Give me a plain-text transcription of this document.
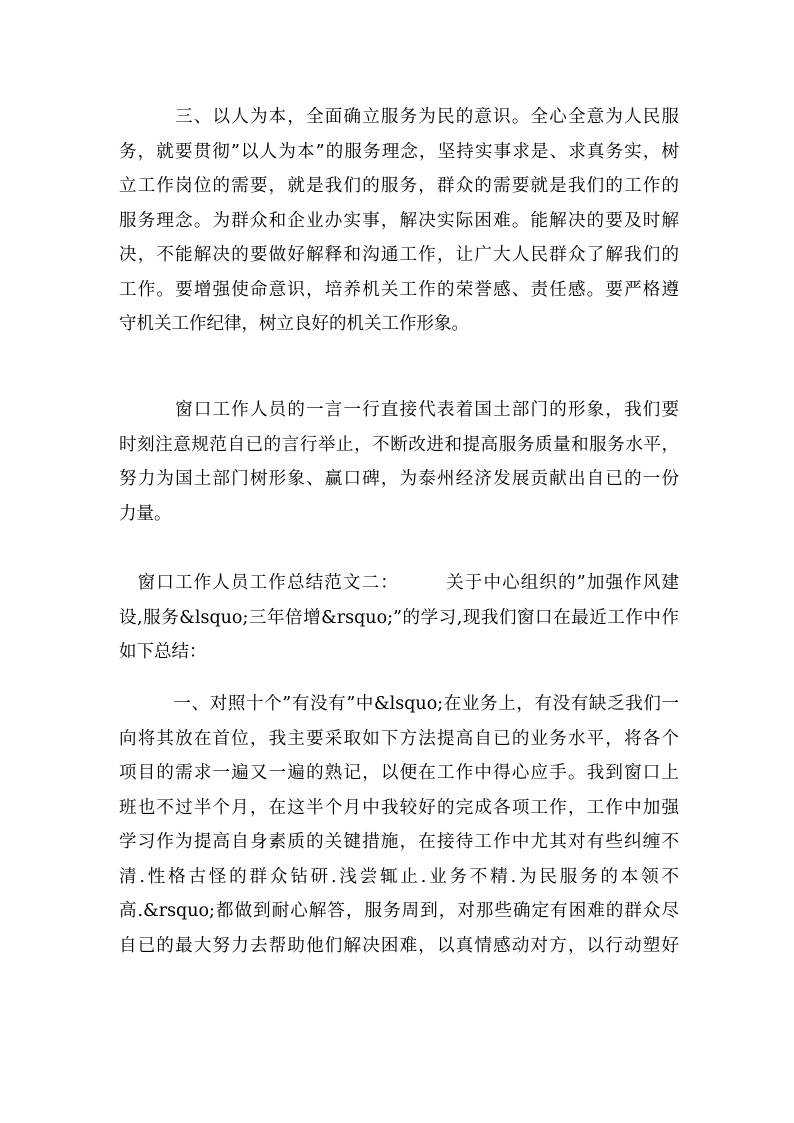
　　　三、以人为本，全面确立服务为民的意识。全心全意为人民服
务，就要贯彻”以人为本”的服务理念，坚持实事求是、求真务实，树
立工作岗位的需要，就是我们的服务，群众的需要就是我们的工作的
服务理念。为群众和企业办实事，解决实际困难。能解决的要及时解
决，不能解决的要做好解释和沟通工作，让广大人民群众了解我们的
工作。要增强使命意识，培养机关工作的荣誉感、责任感。要严格遵
守机关工作纪律，树立良好的机关工作形象。
　　　窗口工作人员的一言一行直接代表着国土部门的形象，我们要
时刻注意规范自已的言行举止，不断改进和提高服务质量和服务水平，
努力为国土部门树形象、赢口碑，为泰州经济发展贡献出自已的一份
力量。
　窗口工作人员工作总结范文二：　　　关于中心组织的”加强作风建
设,服务&lsquo;三年倍增&rsquo;”的学习,现我们窗口在最近工作中作
如下总结：
　　　一、对照十个”有没有”中&lsquo;在业务上，有没有缺乏我们一
向将其放在首位，我主要采取如下方法提高自已的业务水平，将各个
项目的需求一遍又一遍的熟记，以便在工作中得心应手。我到窗口上
班也不过半个月，在这半个月中我较好的完成各项工作，工作中加强
学习作为提高自身素质的关键措施，在接待工作中尤其对有些纠缠不
清.性格古怪的群众钻研.浅尝辄止.业务不精.为民服务的本领不
高.&rsquo;都做到耐心解答，服务周到，对那些确定有困难的群众尽
自已的最大努力去帮助他们解决困难，以真情感动对方，以行动塑好
